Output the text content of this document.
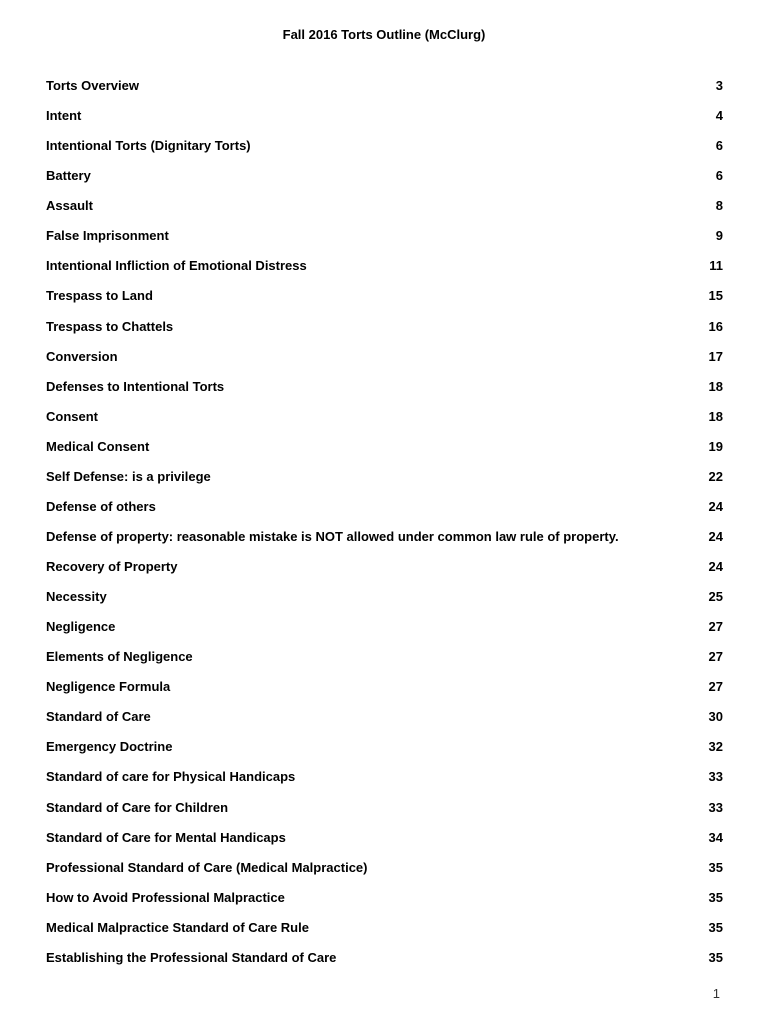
Fall 2016 Torts Outline (McClurg)
Torts Overview	3
Intent	4
Intentional Torts (Dignitary Torts)	6
Battery	6
Assault	8
False Imprisonment	9
Intentional Infliction of Emotional Distress	11
Trespass to Land	15
Trespass to Chattels	16
Conversion	17
Defenses to Intentional Torts	18
Consent	18
Medical Consent	19
Self Defense: is a privilege	22
Defense of others	24
Defense of property: reasonable mistake is NOT allowed under common law rule of property.	24
Recovery of Property	24
Necessity	25
Negligence	27
Elements of Negligence	27
Negligence Formula	27
Standard of Care	30
Emergency Doctrine	32
Standard of care for Physical Handicaps	33
Standard of Care for Children	33
Standard of Care for Mental Handicaps	34
Professional Standard of Care (Medical Malpractice)	35
How to Avoid Professional Malpractice	35
Medical Malpractice Standard of Care Rule	35
Establishing the Professional Standard of Care	35
1
